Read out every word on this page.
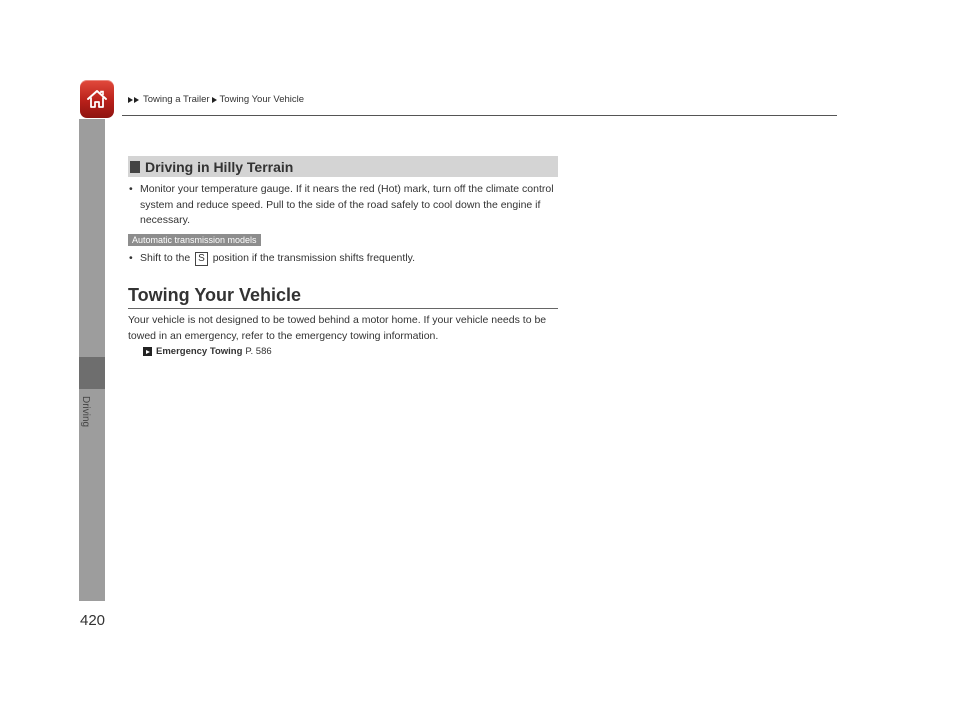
Towing a Trailer Towing Your Vehicle
Driving
420
Driving in Hilly Terrain
• Monitor your temperature gauge. If it nears the red (Hot) mark, turn off the climate control system and reduce speed. Pull to the side of the road safely to cool down the engine if necessary.
Automatic transmission models
• Shift to the S position if the transmission shifts frequently.
Towing Your Vehicle
Your vehicle is not designed to be towed behind a motor home. If your vehicle needs to be towed in an emergency, refer to the emergency towing information.
Emergency Towing P. 586
